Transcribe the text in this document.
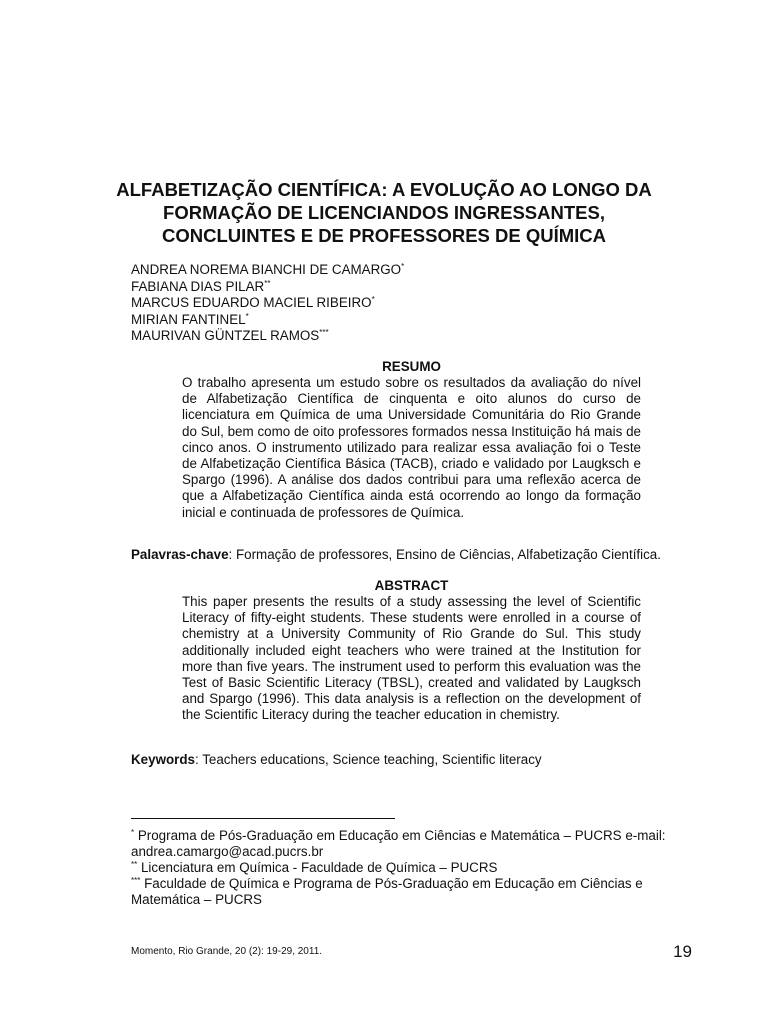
ALFABETIZAÇÃO CIENTÍFICA: A EVOLUÇÃO AO LONGO DA FORMAÇÃO DE LICENCIANDOS INGRESSANTES, CONCLUINTES E DE PROFESSORES DE QUÍMICA
ANDREA NOREMA BIANCHI DE CAMARGO*
FABIANA DIAS PILAR**
MARCUS EDUARDO MACIEL RIBEIRO*
MIRIAN FANTINEL*
MAURIVAN GÜNTZEL RAMOS***
RESUMO

O trabalho apresenta um estudo sobre os resultados da avaliação do nível de Alfabetização Científica de cinquenta e oito alunos do curso de licenciatura em Química de uma Universidade Comunitária do Rio Grande do Sul, bem como de oito professores formados nessa Instituição há mais de cinco anos. O instrumento utilizado para realizar essa avaliação foi o Teste de Alfabetização Científica Básica (TACB), criado e validado por Laugksch e Spargo (1996). A análise dos dados contribui para uma reflexão acerca de que a Alfabetização Científica ainda está ocorrendo ao longo da formação inicial e continuada de professores de Química.

Palavras-chave: Formação de professores, Ensino de Ciências, Alfabetização Científica.

ABSTRACT

This paper presents the results of a study assessing the level of Scientific Literacy of fifty-eight students. These students were enrolled in a course of chemistry at a University Community of Rio Grande do Sul. This study additionally included eight teachers who were trained at the Institution for more than five years. The instrument used to perform this evaluation was the Test of Basic Scientific Literacy (TBSL), created and validated by Laugksch and Spargo (1996). This data analysis is a reflection on the development of the Scientific Literacy during the teacher education in chemistry.

Keywords: Teachers educations, Science teaching, Scientific literacy

* Programa de Pós-Graduação em Educação em Ciências e Matemática – PUCRS e-mail: andrea.camargo@acad.pucrs.br

** Licenciatura em Química - Faculdade de Química – PUCRS

*** Faculdade de Química e Programa de Pós-Graduação em Educação em Ciências e Matemática – PUCRS

Momento, Rio Grande, 20 (2): 19-29, 2011.	19
